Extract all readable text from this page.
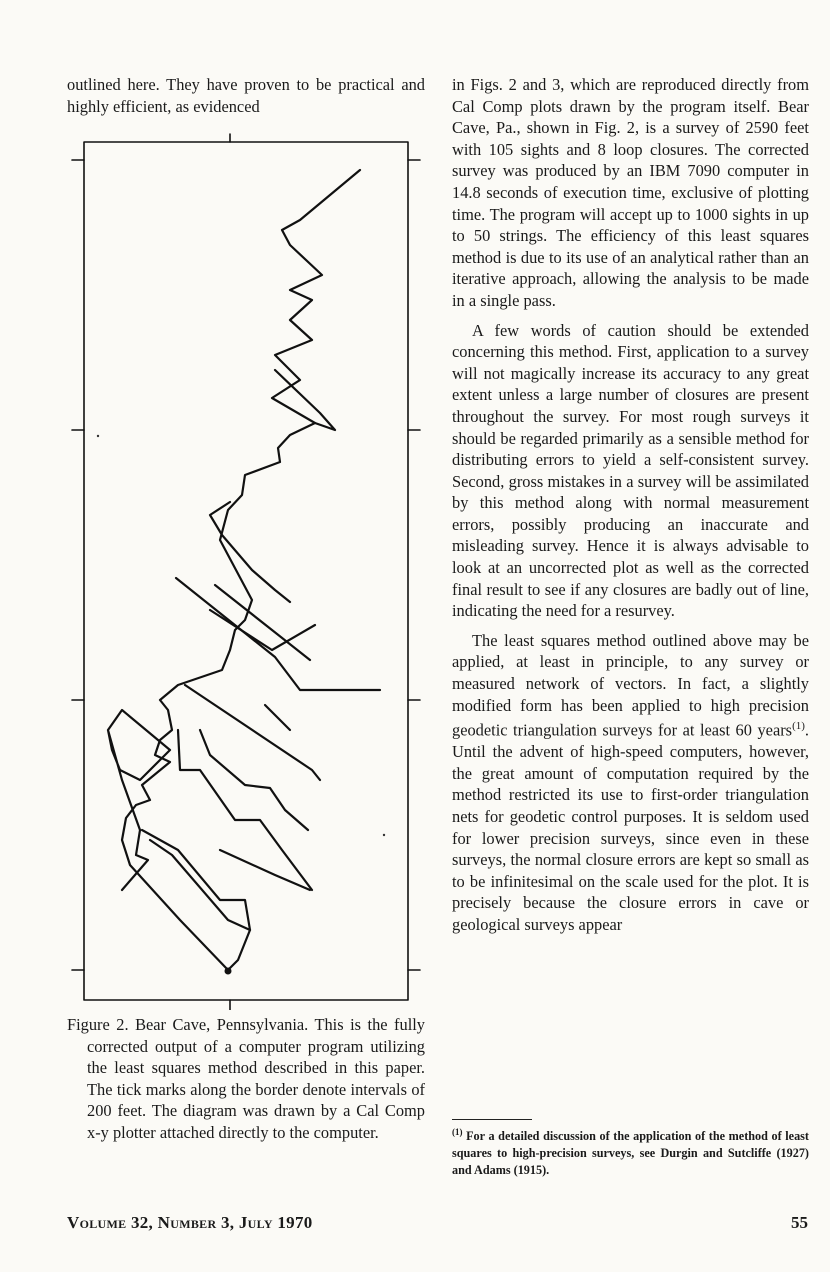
outlined here. They have proven to be practical and highly efficient, as evidenced

Figure 2. Bear Cave, Pennsylvania. This is the fully corrected output of a computer program utilizing the least squares method described in this paper. The tick marks along the border denote intervals of 200 feet. The diagram was drawn by a Cal Comp x-y plotter attached directly to the computer.

in Figs. 2 and 3, which are reproduced directly from Cal Comp plots drawn by the program itself. Bear Cave, Pa., shown in Fig. 2, is a survey of 2590 feet with 105 sights and 8 loop closures. The corrected survey was produced by an IBM 7090 computer in 14.8 seconds of execution time, exclusive of plotting time. The program will accept up to 1000 sights in up to 50 strings. The efficiency of this least squares method is due to its use of an analytical rather than an iterative approach, allowing the analysis to be made in a single pass.

A few words of caution should be extended concerning this method. First, application to a survey will not magically increase its accuracy to any great extent unless a large number of closures are present throughout the survey. For most rough surveys it should be regarded primarily as a sensible method for distributing errors to yield a self-consistent survey. Second, gross mistakes in a survey will be assimilated by this method along with normal measurement errors, possibly producing an inaccurate and misleading survey. Hence it is always advisable to look at an uncorrected plot as well as the corrected final result to see if any closures are badly out of line, indicating the need for a resurvey.

The least squares method outlined above may be applied, at least in principle, to any survey or measured network of vectors. In fact, a slightly modified form has been applied to high precision geodetic triangulation surveys for at least 60 years$^{(1)}$. Until the advent of high-speed computers, however, the great amount of computation required by the method restricted its use to first-order triangulation nets for geodetic control purposes. It is seldom used for lower precision surveys, since even in these surveys, the normal closure errors are kept so small as to be infinitesimal on the scale used for the plot. It is precisely because the closure errors in cave or geological surveys appear

$^{(1)}$ For a detailed discussion of the application of the method of least squares to high-precision surveys, see Durgin and Sutcliffe (1927) and Adams (1915).
Volume 32, Number 3, July 1970	55
